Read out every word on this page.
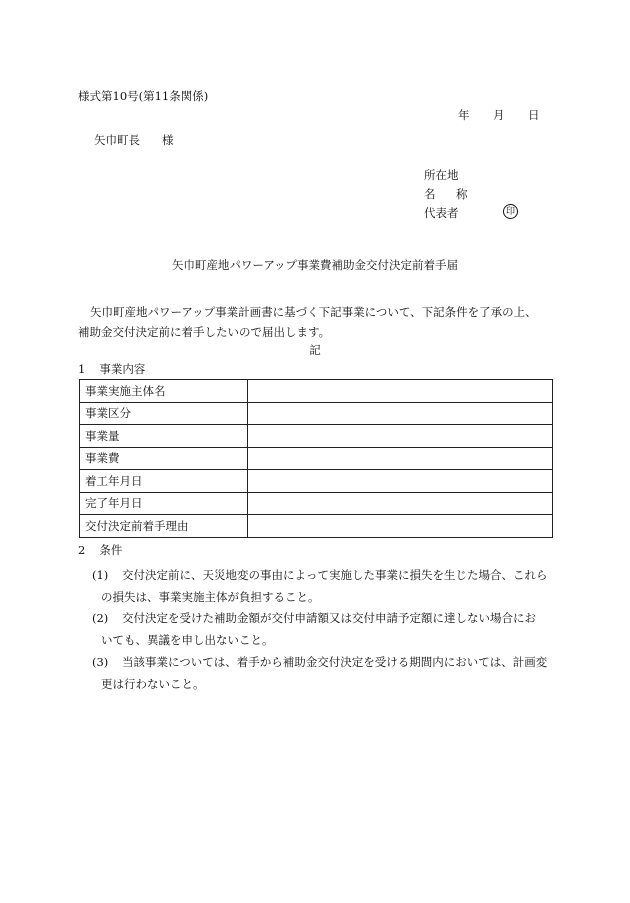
様式第10号(第11条関係)
年 月 日
矢巾町長 様
所在地
名 称
代表者	印
矢巾町産地パワーアップ事業費補助金交付決定前着手届
矢巾町産地パワーアップ事業計画書に基づく下記事業について、下記条件を了承の上、
補助金交付決定前に着手したいので届出します。
記
1 事業内容
事業実施主体名	
事業区分	
事業量	
事業費	
着工年月日	
完了年月日	
交付決定前着手理由	
2 条件
(1)	交付決定前に、天災地変の事由によって実施した事業に損失を生じた場合、これら
の損失は、事業実施主体が負担すること。
(2)	交付決定を受けた補助金額が交付申請額又は交付申請予定額に達しない場合にお
いても、異議を申し出ないこと。
(3)	当該事業については、着手から補助金交付決定を受ける期間内においては、計画変
更は行わないこと。
